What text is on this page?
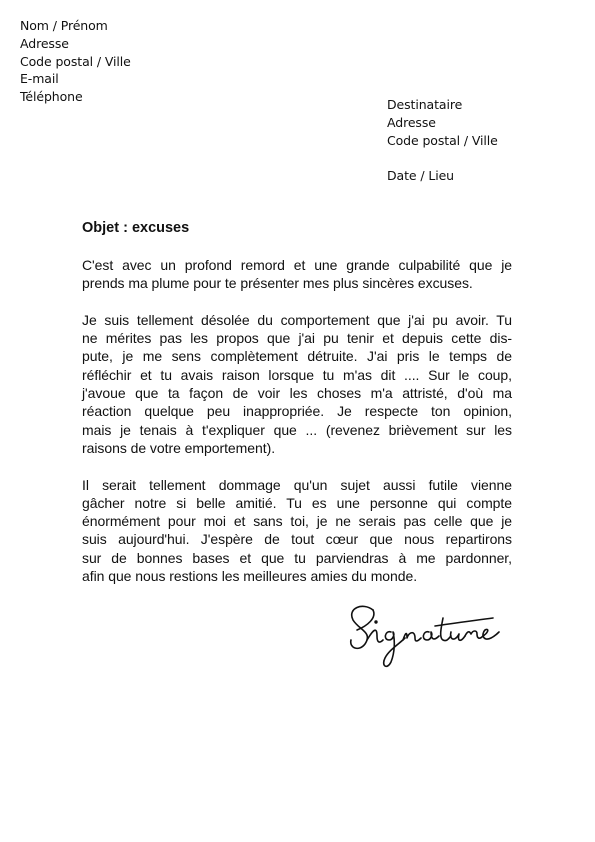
Nom / Prénom
Adresse
Code postal / Ville
E-mail
Téléphone
Destinataire
Adresse
Code postal / Ville
Date / Lieu
Objet : excuses
C'est avec un profond remord et une grande culpabilité que je
prends ma plume pour te présenter mes plus sincères excuses.
Je suis tellement désolée du comportement que j'ai pu avoir. Tu
ne mérites pas les propos que j'ai pu tenir et depuis cette dis-
pute, je me sens complètement détruite. J'ai pris le temps de
réfléchir et tu avais raison lorsque tu m'as dit .... Sur le coup,
j'avoue que ta façon de voir les choses m'a attristé, d'où ma
réaction quelque peu inappropriée. Je respecte ton opinion,
mais je tenais à t'expliquer que ... (revenez brièvement sur les
raisons de votre emportement).
Il serait tellement dommage qu'un sujet aussi futile vienne
gâcher notre si belle amitié. Tu es une personne qui compte
énormément pour moi et sans toi, je ne serais pas celle que je
suis aujourd'hui. J'espère de tout cœur que nous repartirons
sur de bonnes bases et que tu parviendras à me pardonner,
afin que nous restions les meilleures amies du monde.
